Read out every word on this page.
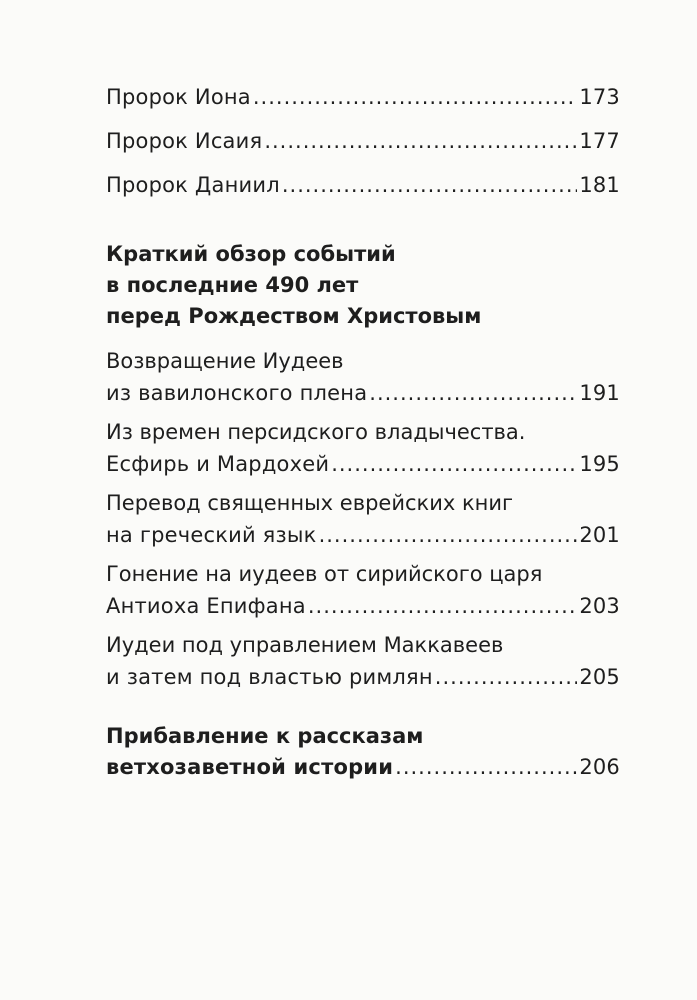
Пророк Иона .....	173
Пророк Исаия .....	177
Пророк Даниил .....	181
Краткий обзор событий
в последние 490 лет
перед Рождеством Христовым
Возвращение Иудеев
из вавилонского плена .....	191
Из времен персидского владычества.
Есфирь и Мардохей .....	195
Перевод священных еврейских книг
на греческий язык .....	201
Гонение на иудеев от сирийского царя
Антиоха Епифана .....	203
Иудеи под управлением Маккавеев
и затем под властью римлян .....	205
Прибавление к рассказам
ветхозаветной истории .....	206
